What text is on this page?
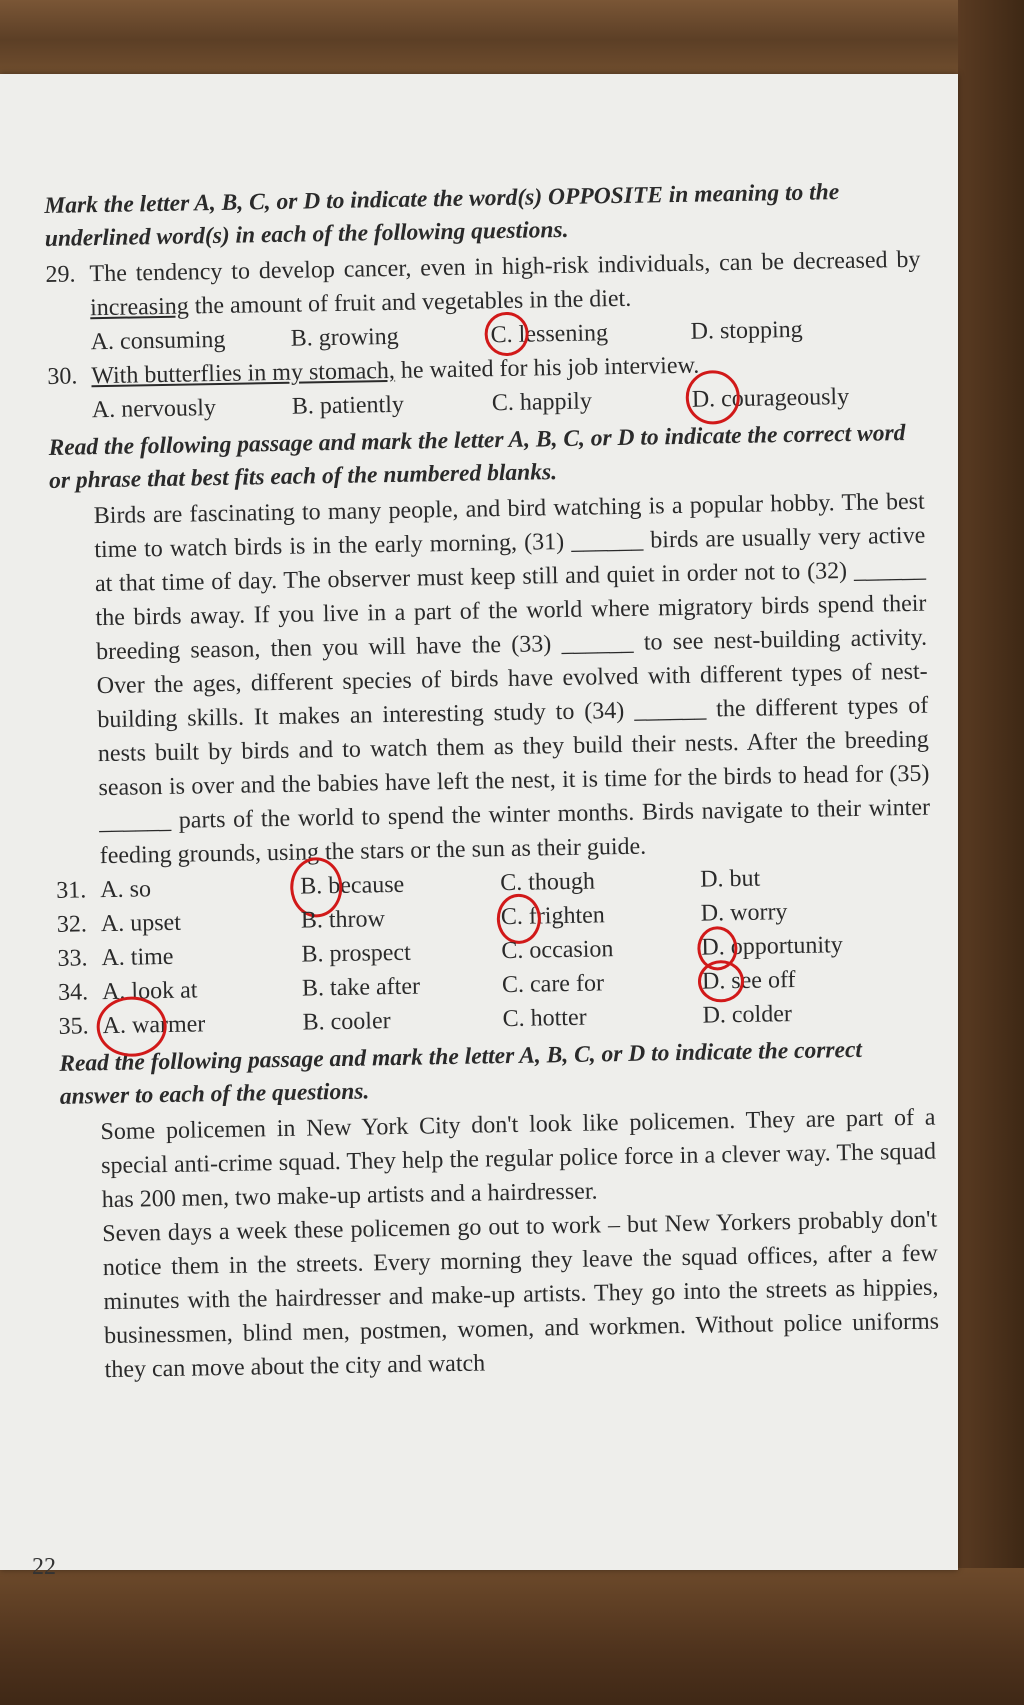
Mark the letter A, B, C, or D to indicate the word(s) OPPOSITE in meaning to the underlined word(s) in each of the following questions.
29. The tendency to develop cancer, even in high-risk individuals, can be decreased by increasing the amount of fruit and vegetables in the diet.
A. consuming	B. growing	C. lessening	D. stopping
30. With butterflies in my stomach, he waited for his job interview.
A. nervously	B. patiently	C. happily	D. courageously
Read the following passage and mark the letter A, B, C, or D to indicate the correct word or phrase that best fits each of the numbered blanks.

Birds are fascinating to many people, and bird watching is a popular hobby. The best time to watch birds is in the early morning, (31) ______ birds are usually very active at that time of day. The observer must keep still and quiet in order not to (32) ______ the birds away. If you live in a part of the world where migratory birds spend their breeding season, then you will have the (33) ______ to see nest-building activity. Over the ages, different species of birds have evolved with different types of nest-building skills. It makes an interesting study to (34) ______ the different types of nests built by birds and to watch them as they build their nests. After the breeding season is over and the babies have left the nest, it is time for the birds to head for (35) ______ parts of the world to spend the winter months. Birds navigate to their winter feeding grounds, using the stars or the sun as their guide.

31. A. so	B. because	C. though	D. but
32. A. upset	B. throw	C. frighten	D. worry
33. A. time	B. prospect	C. occasion	D. opportunity
34. A. look at	B. take after	C. care for	D. see off
35. A. warmer	B. cooler	C. hotter	D. colder
Read the following passage and mark the letter A, B, C, or D to indicate the correct answer to each of the questions.

Some policemen in New York City don't look like policemen. They are part of a special anti-crime squad. They help the regular police force in a clever way. The squad has 200 men, two make-up artists and a hairdresser.

Seven days a week these policemen go out to work – but New Yorkers probably don't notice them in the streets. Every morning they leave the squad offices, after a few minutes with the hairdresser and make-up artists. They go into the streets as hippies, businessmen, blind men, postmen, women, and workmen. Without police uniforms they can move about the city and watch

22
